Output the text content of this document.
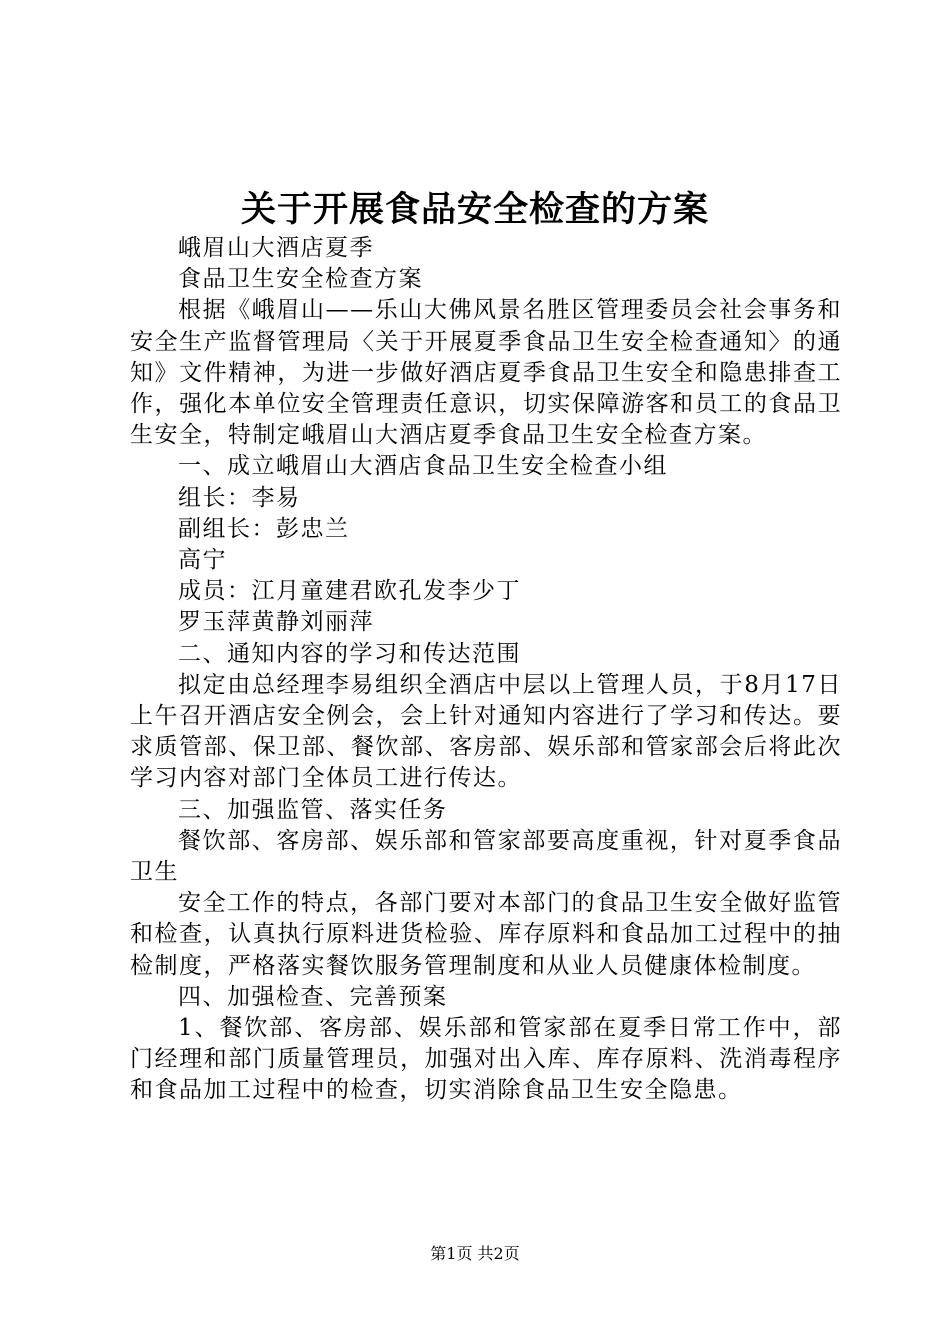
关于开展食品安全检查的方案

峨眉山大酒店夏季

食品卫生安全检查方案

根据《峨眉山——乐山大佛风景名胜区管理委员会社会事务和安全生产监督管理局〈关于开展夏季食品卫生安全检查通知〉的通知》文件精神，为进一步做好酒店夏季食品卫生安全和隐患排查工作，强化本单位安全管理责任意识，切实保障游客和员工的食品卫生安全，特制定峨眉山大酒店夏季食品卫生安全检查方案。

一、成立峨眉山大酒店食品卫生安全检查小组

组长：李易

副组长：彭忠兰

高宁

成员：江月童建君欧孔发李少丁

罗玉萍黄静刘丽萍

二、通知内容的学习和传达范围

拟定由总经理李易组织全酒店中层以上管理人员，于8月17日上午召开酒店安全例会，会上针对通知内容进行了学习和传达。要求质管部、保卫部、餐饮部、客房部、娱乐部和管家部会后将此次学习内容对部门全体员工进行传达。

三、加强监管、落实任务

餐饮部、客房部、娱乐部和管家部要高度重视，针对夏季食品卫生

安全工作的特点，各部门要对本部门的食品卫生安全做好监管和检查，认真执行原料进货检验、库存原料和食品加工过程中的抽检制度，严格落实餐饮服务管理制度和从业人员健康体检制度。

四、加强检查、完善预案

1、餐饮部、客房部、娱乐部和管家部在夏季日常工作中，部门经理和部门质量管理员，加强对出入库、库存原料、洗消毒程序和食品加工过程中的检查，切实消除食品卫生安全隐患。

第1页 共2页
